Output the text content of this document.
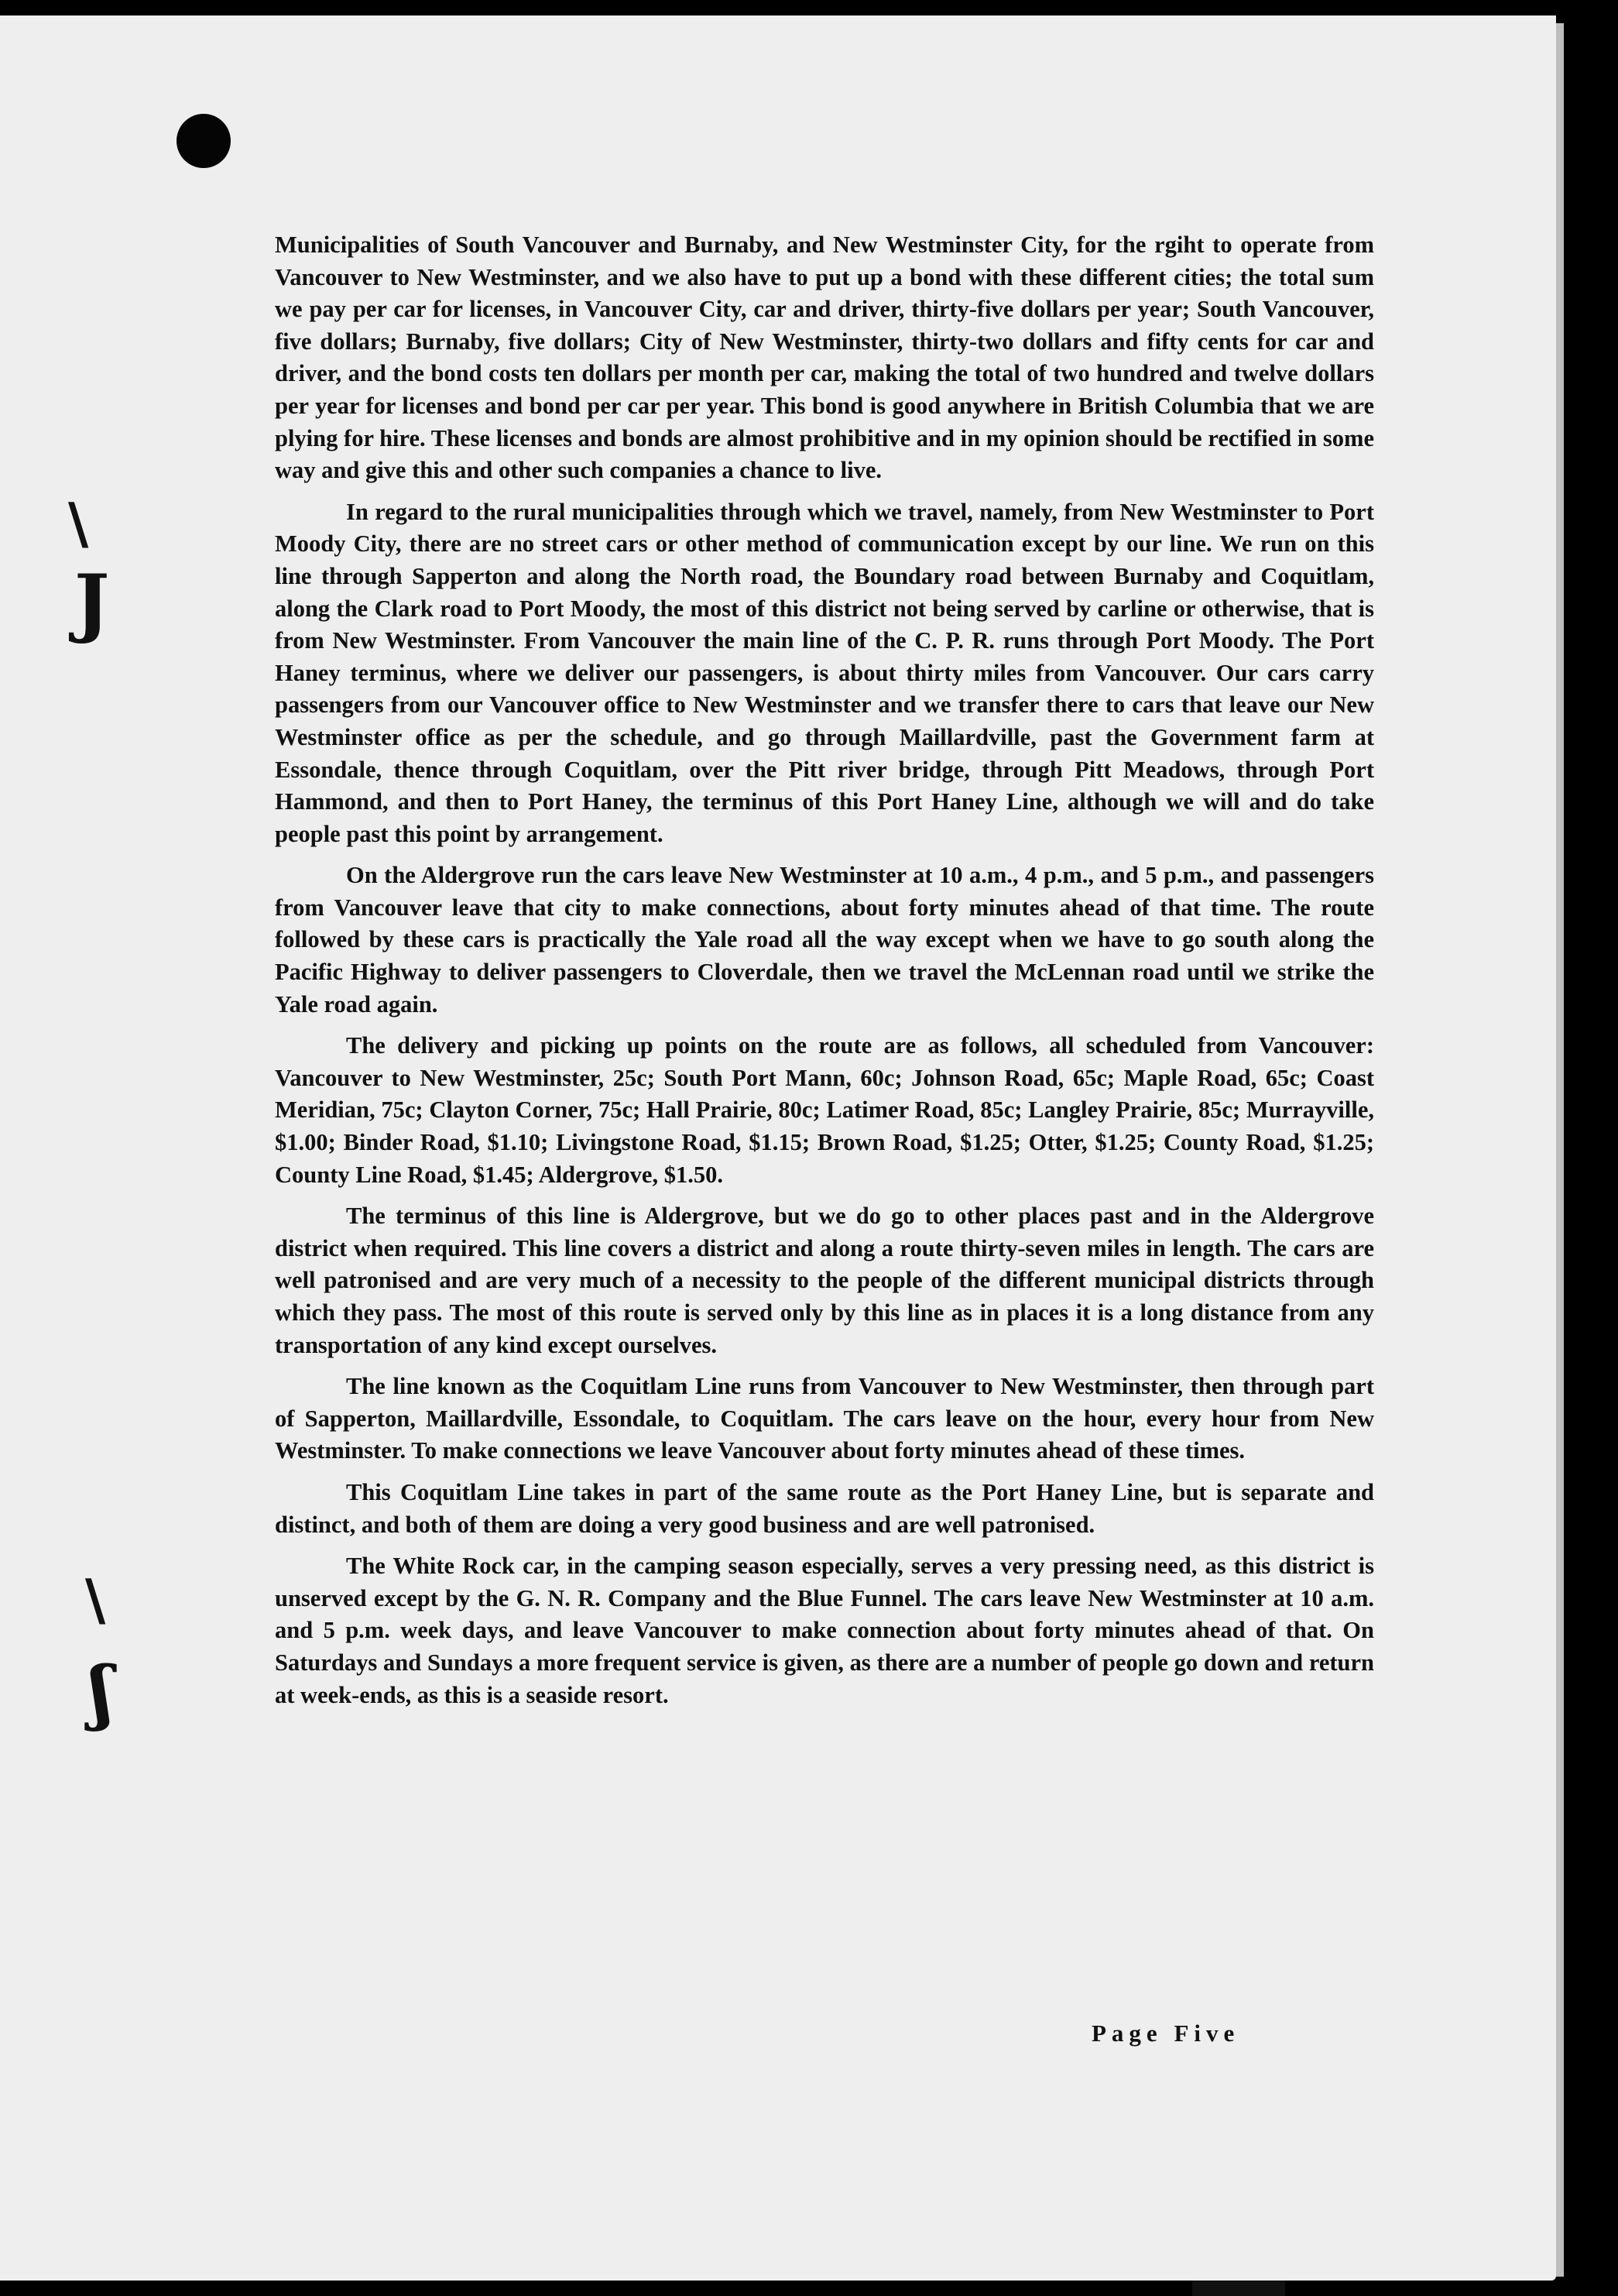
\
J
\
ʃ

Municipalities of South Vancouver and Burnaby, and New Westminster City, for the rgiht to operate from Vancouver to New Westminster, and we also have to put up a bond with these different cities; the total sum we pay per car for licenses, in Vancouver City, car and driver, thirty-five dollars per year; South Vancouver, five dollars; Burnaby, five dollars; City of New Westminster, thirty-two dollars and fifty cents for car and driver, and the bond costs ten dollars per month per car, making the total of two hundred and twelve dollars per year for licenses and bond per car per year. This bond is good anywhere in British Columbia that we are plying for hire. These licenses and bonds are almost prohibitive and in my opinion should be rectified in some way and give this and other such companies a chance to live.

In regard to the rural municipalities through which we travel, namely, from New Westminster to Port Moody City, there are no street cars or other method of communication except by our line. We run on this line through Sapperton and along the North road, the Boundary road between Burnaby and Coquitlam, along the Clark road to Port Moody, the most of this district not being served by carline or otherwise, that is from New Westminster. From Vancouver the main line of the C. P. R. runs through Port Moody. The Port Haney terminus, where we deliver our passengers, is about thirty miles from Vancouver. Our cars carry passengers from our Vancouver office to New Westminster and we transfer there to cars that leave our New Westminster office as per the schedule, and go through Maillardville, past the Government farm at Essondale, thence through Coquitlam, over the Pitt river bridge, through Pitt Meadows, through Port Hammond, and then to Port Haney, the terminus of this Port Haney Line, although we will and do take people past this point by arrangement.

On the Aldergrove run the cars leave New Westminster at 10 a.m., 4 p.m., and 5 p.m., and passengers from Vancouver leave that city to make connections, about forty minutes ahead of that time. The route followed by these cars is practically the Yale road all the way except when we have to go south along the Pacific Highway to deliver passengers to Cloverdale, then we travel the McLennan road until we strike the Yale road again.

The delivery and picking up points on the route are as follows, all scheduled from Vancouver: Vancouver to New Westminster, 25c; South Port Mann, 60c; Johnson Road, 65c; Maple Road, 65c; Coast Meridian, 75c; Clayton Corner, 75c; Hall Prairie, 80c; Latimer Road, 85c; Langley Prairie, 85c; Murrayville, $1.00; Binder Road, $1.10; Livingstone Road, $1.15; Brown Road, $1.25; Otter, $1.25; County Road, $1.25; County Line Road, $1.45; Aldergrove, $1.50.

The terminus of this line is Aldergrove, but we do go to other places past and in the Aldergrove district when required. This line covers a district and along a route thirty-seven miles in length. The cars are well patronised and are very much of a necessity to the people of the different municipal districts through which they pass. The most of this route is served only by this line as in places it is a long distance from any transportation of any kind except ourselves.

The line known as the Coquitlam Line runs from Vancouver to New Westminster, then through part of Sapperton, Maillardville, Essondale, to Coquitlam. The cars leave on the hour, every hour from New Westminster. To make connections we leave Vancouver about forty minutes ahead of these times.

This Coquitlam Line takes in part of the same route as the Port Haney Line, but is separate and distinct, and both of them are doing a very good business and are well patronised.

The White Rock car, in the camping season especially, serves a very pressing need, as this district is unserved except by the G. N. R. Company and the Blue Funnel. The cars leave New Westminster at 10 a.m. and 5 p.m. week days, and leave Vancouver to make connection about forty minutes ahead of that. On Saturdays and Sundays a more frequent service is given, as there are a number of people go down and return at week-ends, as this is a seaside resort.

Page Five
